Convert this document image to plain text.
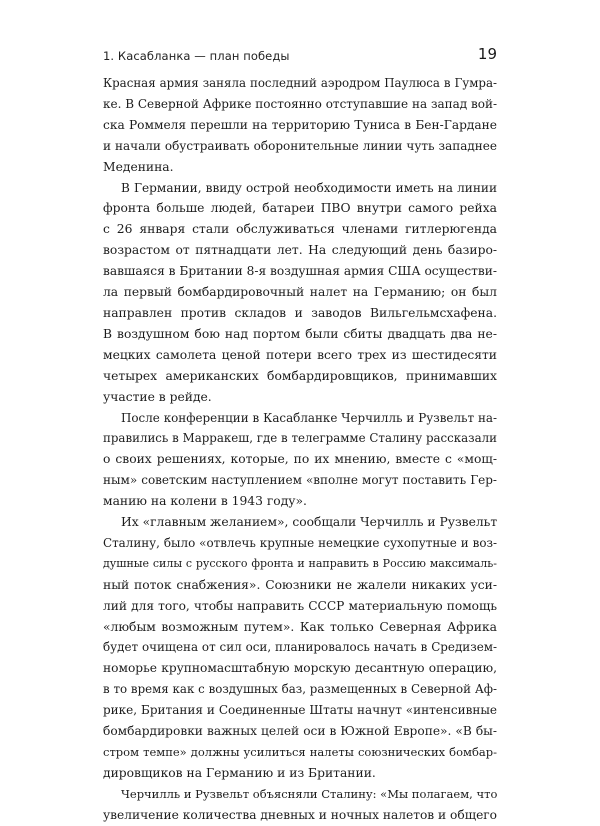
1. Касабланка — план победы	19

Красная армия заняла последний аэродром Паулюса в Гумра-

ке. В Северной Африке постоянно отступавшие на запад вой-

ска Роммеля перешли на территорию Туниса в Бен-Гардане

и начали обустраивать оборонительные линии чуть западнее

Меденина.

В Германии, ввиду острой необходимости иметь на линии

фронта больше людей, батареи ПВО внутри самого рейха

с 26 января стали обслуживаться членами гитлерюгенда

возрастом от пятнадцати лет. На следующий день базиро-

вавшаяся в Британии 8-я воздушная армия США осуществи-

ла первый бомбардировочный налет на Германию; он был

направлен против складов и заводов Вильгельмсхафена.

В воздушном бою над портом были сбиты двадцать два не-

мецких самолета ценой потери всего трех из шестидесяти

четырех американских бомбардировщиков, принимавших

участие в рейде.

После конференции в Касабланке Черчилль и Рузвельт на-

правились в Марракеш, где в телеграмме Сталину рассказали

о своих решениях, которые, по их мнению, вместе с «мощ-

ным» советским наступлением «вполне могут поставить Гер-

манию на колени в 1943 году».

Их «главным желанием», сообщали Черчилль и Рузвельт

Сталину, было «отвлечь крупные немецкие сухопутные и воз-

душные силы с русского фронта и направить в Россию максималь-

ный поток снабжения». Союзники не жалели никаких уси-

лий для того, чтобы направить СССР материальную помощь

«любым возможным путем». Как только Северная Африка

будет очищена от сил оси, планировалось начать в Средизем-

номорье крупномасштабную морскую десантную операцию,

в то время как с воздушных баз, размещенных в Северной Аф-

рике, Британия и Соединенные Штаты начнут «интенсивные

бомбардировки важных целей оси в Южной Европе». «В бы-

стром темпе» должны усилиться налеты союзнических бомбар-

дировщиков на Германию и из Британии.

Черчилль и Рузвельт объясняли Сталину: «Мы полагаем, что

увеличение количества дневных и ночных налетов и общего
